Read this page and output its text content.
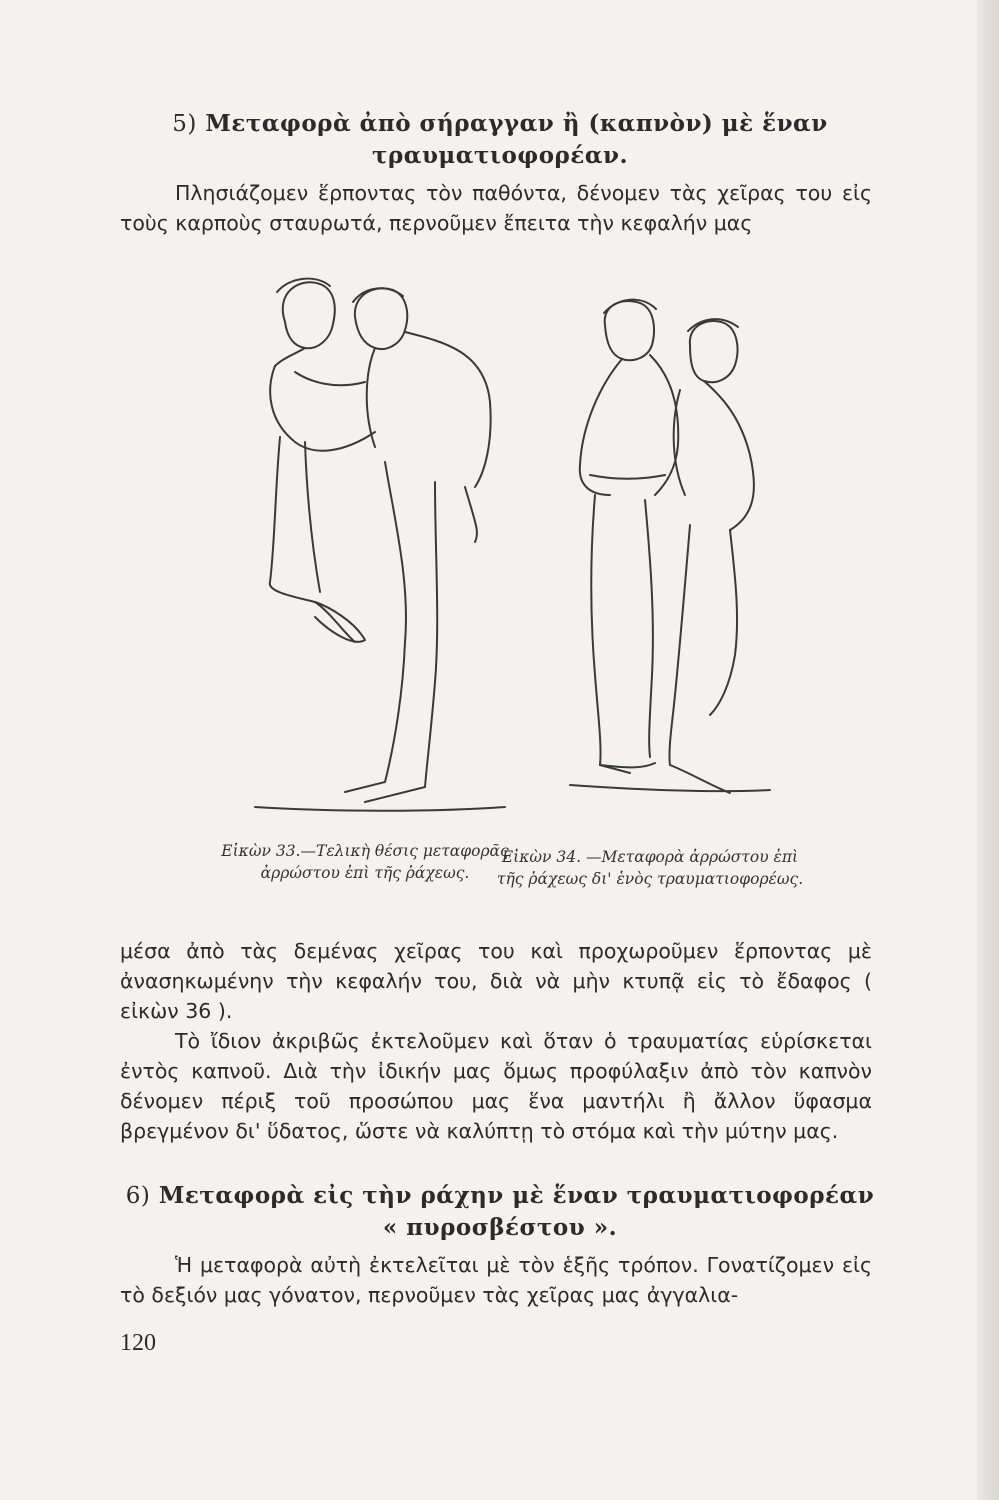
5) Μεταφορὰ ἀπὸ σήραγγαν ἢ (καπνὸν) μὲ ἕναν τραυματιοφορέαν.

Πλησιάζομεν ἕρποντας τὸν παθόντα, δένομεν τὰς χεῖρας του εἰς τοὺς καρποὺς σταυρωτά, περνοῦμεν ἔπειτα τὴν κεφαλήν μας

Εἰκὼν 33.—Τελικὴ θέσις μεταφορᾶς ἀρρώστου ἐπὶ τῆς ῥάχεως.
Εἰκὼν 34. —Μεταφορὰ ἀρρώστου ἐπὶ τῆς ῥάχεως δι' ἑνὸς τραυματιοφορέως.

μέσα ἀπὸ τὰς δεμένας χεῖρας του καὶ προχωροῦμεν ἕρποντας μὲ ἀνασηκωμένην τὴν κεφαλήν του, διὰ νὰ μὴν κτυπᾷ εἰς τὸ ἔδαφος ( εἰκὼν 36 ).

Τὸ ἴδιον ἀκριβῶς ἐκτελοῦμεν καὶ ὅταν ὁ τραυματίας εὑρίσκεται ἐντὸς καπνοῦ. Διὰ τὴν ἰδικήν μας ὅμως προφύλαξιν ἀπὸ τὸν καπνὸν δένομεν πέριξ τοῦ προσώπου μας ἕνα μαντήλι ἢ ἄλλον ὕφασμα βρεγμένον δι' ὕδατος, ὥστε νὰ καλύπτῃ τὸ στόμα καὶ τὴν μύτην μας.

6) Μεταφορὰ εἰς τὴν ράχην μὲ ἕναν τραυματιοφορέαν « πυροσβέστου ».

Ἡ μεταφορὰ αὐτὴ ἐκτελεῖται μὲ τὸν ἑξῆς τρόπον. Γονατίζομεν εἰς τὸ δεξιόν μας γόνατον, περνοῦμεν τὰς χεῖρας μας ἀγγαλια-

120
